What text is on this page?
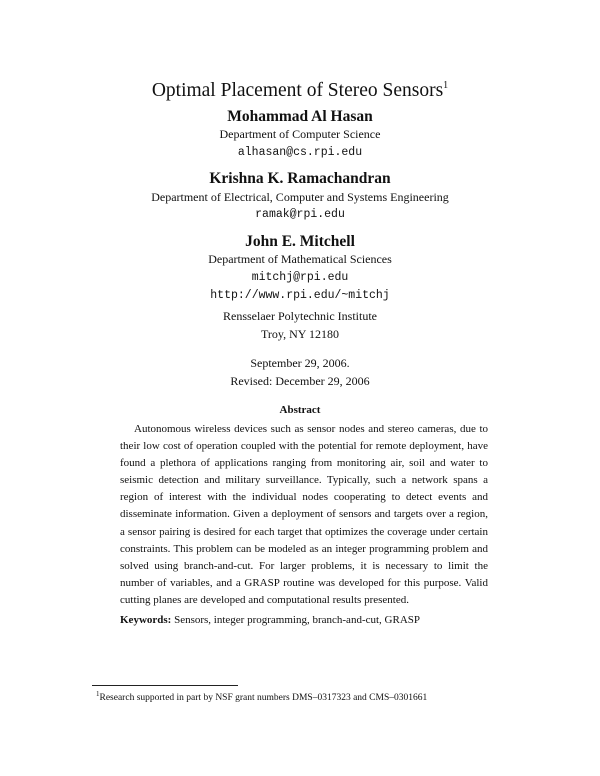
Optimal Placement of Stereo Sensors$^1$
Mohammad Al Hasan
Department of Computer Science
alhasan@cs.rpi.edu
Krishna K. Ramachandran
Department of Electrical, Computer and Systems Engineering
ramak@rpi.edu
John E. Mitchell
Department of Mathematical Sciences
mitchj@rpi.edu
http://www.rpi.edu/~mitchj
Rensselaer Polytechnic Institute
Troy, NY 12180
September 29, 2006.
Revised: December 29, 2006
Abstract
Autonomous wireless devices such as sensor nodes and stereo cameras, due to their low cost of operation coupled with the potential for remote deployment, have found a plethora of applications ranging from monitoring air, soil and water to seismic detection and military surveillance. Typically, such a network spans a region of interest with the individual nodes cooperating to detect events and disseminate information. Given a deployment of sensors and targets over a region, a sensor pairing is desired for each target that optimizes the coverage under certain constraints. This problem can be modeled as an integer programming problem and solved using branch-and-cut. For larger problems, it is necessary to limit the number of variables, and a GRASP routine was developed for this purpose. Valid cutting planes are developed and computational results presented.
Keywords: Sensors, integer programming, branch-and-cut, GRASP
$^1$Research supported in part by NSF grant numbers DMS–0317323 and CMS–0301661
